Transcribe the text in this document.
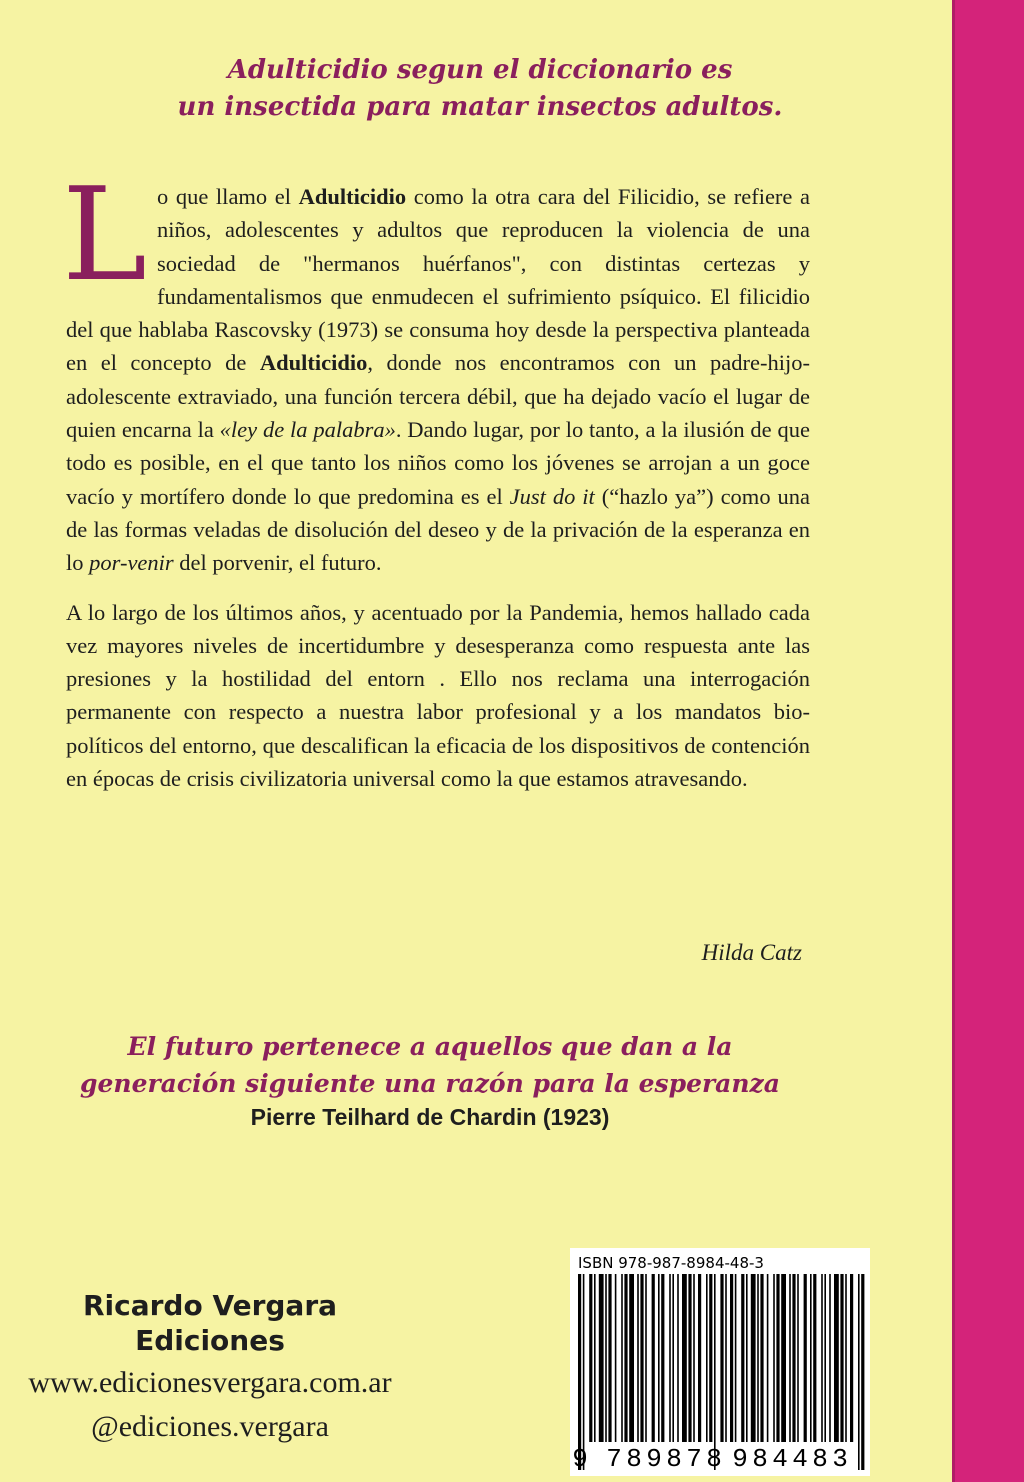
Adulticidio segun el diccionario es
un insectida para matar insectos adultos.

Lo que llamo el Adulticidio como la otra cara del Filicidio, se refiere a niños, adolescentes y adultos que reproducen la violencia de una sociedad de "hermanos huérfanos", con distintas certezas y fundamentalismos que enmudecen el sufrimiento psíquico. El filicidio del que hablaba Rascovsky (1973) se consuma hoy desde la perspectiva planteada en el concepto de Adulticidio, donde nos encontramos con un padre-hijo-adolescente extraviado, una función tercera débil, que ha dejado vacío el lugar de quien encarna la «ley de la palabra». Dando lugar, por lo tanto, a la ilusión de que todo es posible, en el que tanto los niños como los jóvenes se arrojan a un goce vacío y mortífero donde lo que predomina es el Just do it (“hazlo ya”) como una de las formas veladas de disolución del deseo y de la privación de la esperanza en lo por-venir del porvenir, el futuro.

A lo largo de los últimos años, y acentuado por la Pandemia, hemos hallado cada vez mayores niveles de incertidumbre y desesperanza como respuesta ante las presiones y la hostilidad del entorn . Ello nos reclama una interrogación permanente con respecto a nuestra labor profesional y a los mandatos bio-políticos del entorno, que descalifican la eficacia de los dispositivos de contención en épocas de crisis civilizatoria universal como la que estamos atravesando.

Hilda Catz
El futuro pertenece a aquellos que dan a la
generación siguiente una razón para la esperanza
Pierre Teilhard de Chardin (1923)
Ricardo Vergara
Ediciones
www.edicionesvergara.com.ar
@ediciones.vergara
ISBN 978-987-8984-48-3
9 7 8 9 8 7 8 9 8 4 4 8 3
